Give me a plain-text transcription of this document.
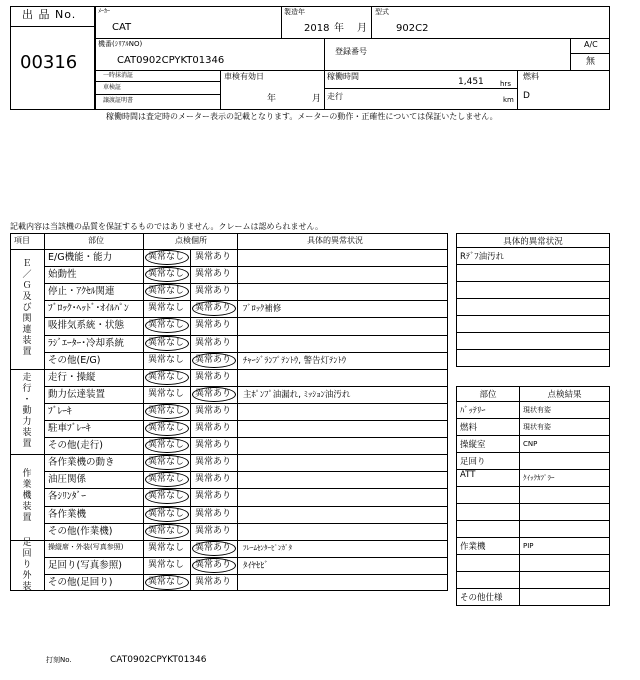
出 品 No.
00316
ﾒｰｶｰ
CAT
製造年
2018 年 月
型式
902C2
機番(ｼﾘｱﾙNO)
CAT0902CPYKT01346
登録番号
A/C
無
一時抹消証
車検証
譲渡証明書
車検有効日
年	月
稼働時間
1,451 hrs
走行	km
燃料
D
稼働時間は査定時のメーター表示の記載となります。メーターの動作・正確性については保証いたしません。
記載内容は当該機の品質を保証するものではありません。クレームは認められません。
項目	部位	点検個所	具体的異常状況
E/G機能・能力	異常なし 異常あり
始動性	異常なし 異常あり
停止・ｱｸｾﾙ関連	異常なし 異常あり
ﾌﾞﾛｯｸ･ﾍｯﾄﾞ･ｵｲﾙﾊﾟﾝ 異常なし 異常あり ﾌﾞﾛｯｸ補修
吸排気系統・状態	異常なし 異常あり
ﾗｼﾞｴｰﾀｰ･冷却系統	異常なし 異常あり
その他(E/G)	異常なし 異常あり ﾁｬｰｼﾞﾗﾝﾌﾟﾃﾝﾄｳ, 警告灯ﾃﾝﾄｳ
Ｅ
／
Ｇ
及
び
関
連
装
置
走行・操縦	異常なし 異常あり
動力伝達装置	異常なし 異常あり 主ﾎﾟﾝﾌﾟ油漏れ, ﾐｯｼｮﾝ油汚れ
ﾌﾞﾚｰｷ	異常なし 異常あり
駐車ﾌﾞﾚｰｷ	異常なし 異常あり
その他(走行)	異常なし 異常あり
走
行
・
動
力
装
置
各作業機の動き	異常なし 異常あり
油圧関係	異常なし 異常あり
各ｼﾘﾝﾀﾞｰ	異常なし 異常あり
各作業機	異常なし 異常あり
その他(作業機)	異常なし 異常あり
作
業
機
装
置
操縦席・外装(写真参照)	異常なし 異常あり ﾌﾚｰﾑｾﾝﾀｰﾋﾟﾝｶﾞﾀ
足回り(写真参照)	異常なし 異常あり ﾀｲﾔｾﾋﾞ
その他(足回り)	異常なし 異常あり
足
回
り
外
装
具体的異常状況
Rﾃﾞﾌ油汚れ

部位	点検結果
ﾊﾞｯﾃﾘｰ	現状有姿
燃料	現状有姿
操縦室	CNP
足回り	
ATT	ｸｲｯｸｶﾌﾟﾗｰ

作業機	PIP

その他仕様	
打刻No.	CAT0902CPYKT01346
